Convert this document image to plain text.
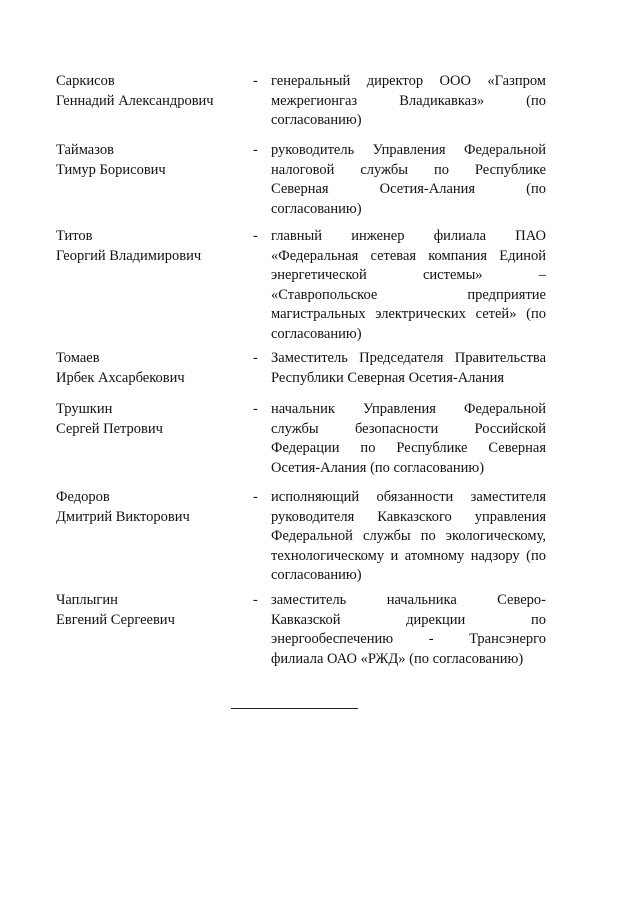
Саркисов
Геннадий Александрович
- генеральный директор ООО «Газпром
межрегионгаз Владикавказ» (по
согласованию)
Таймазов
Тимур Борисович
- руководитель Управления Федеральной
налоговой службы по Республике
Северная Осетия-Алания (по
согласованию)
Титов
Георгий Владимирович
- главный инженер филиала ПАО
«Федеральная сетевая компания Единой
энергетической системы» –
«Ставропольское предприятие
магистральных электрических сетей» (по
согласованию)
Томаев
Ирбек Ахсарбекович
- Заместитель Председателя Правительства
Республики Северная Осетия-Алания
Трушкин
Сергей Петрович
- начальник Управления Федеральной
службы безопасности Российской
Федерации по Республике Северная
Осетия-Алания (по согласованию)
Федоров
Дмитрий Викторович
- исполняющий обязанности заместителя
руководителя Кавказского управления
Федеральной службы по экологическому,
технологическому и атомному надзору (по
согласованию)
Чаплыгин
Евгений Сергеевич
- заместитель начальника Северо-
Кавказской дирекции по
энергообеспечению - Трансэнерго
филиала ОАО «РЖД» (по согласованию)
